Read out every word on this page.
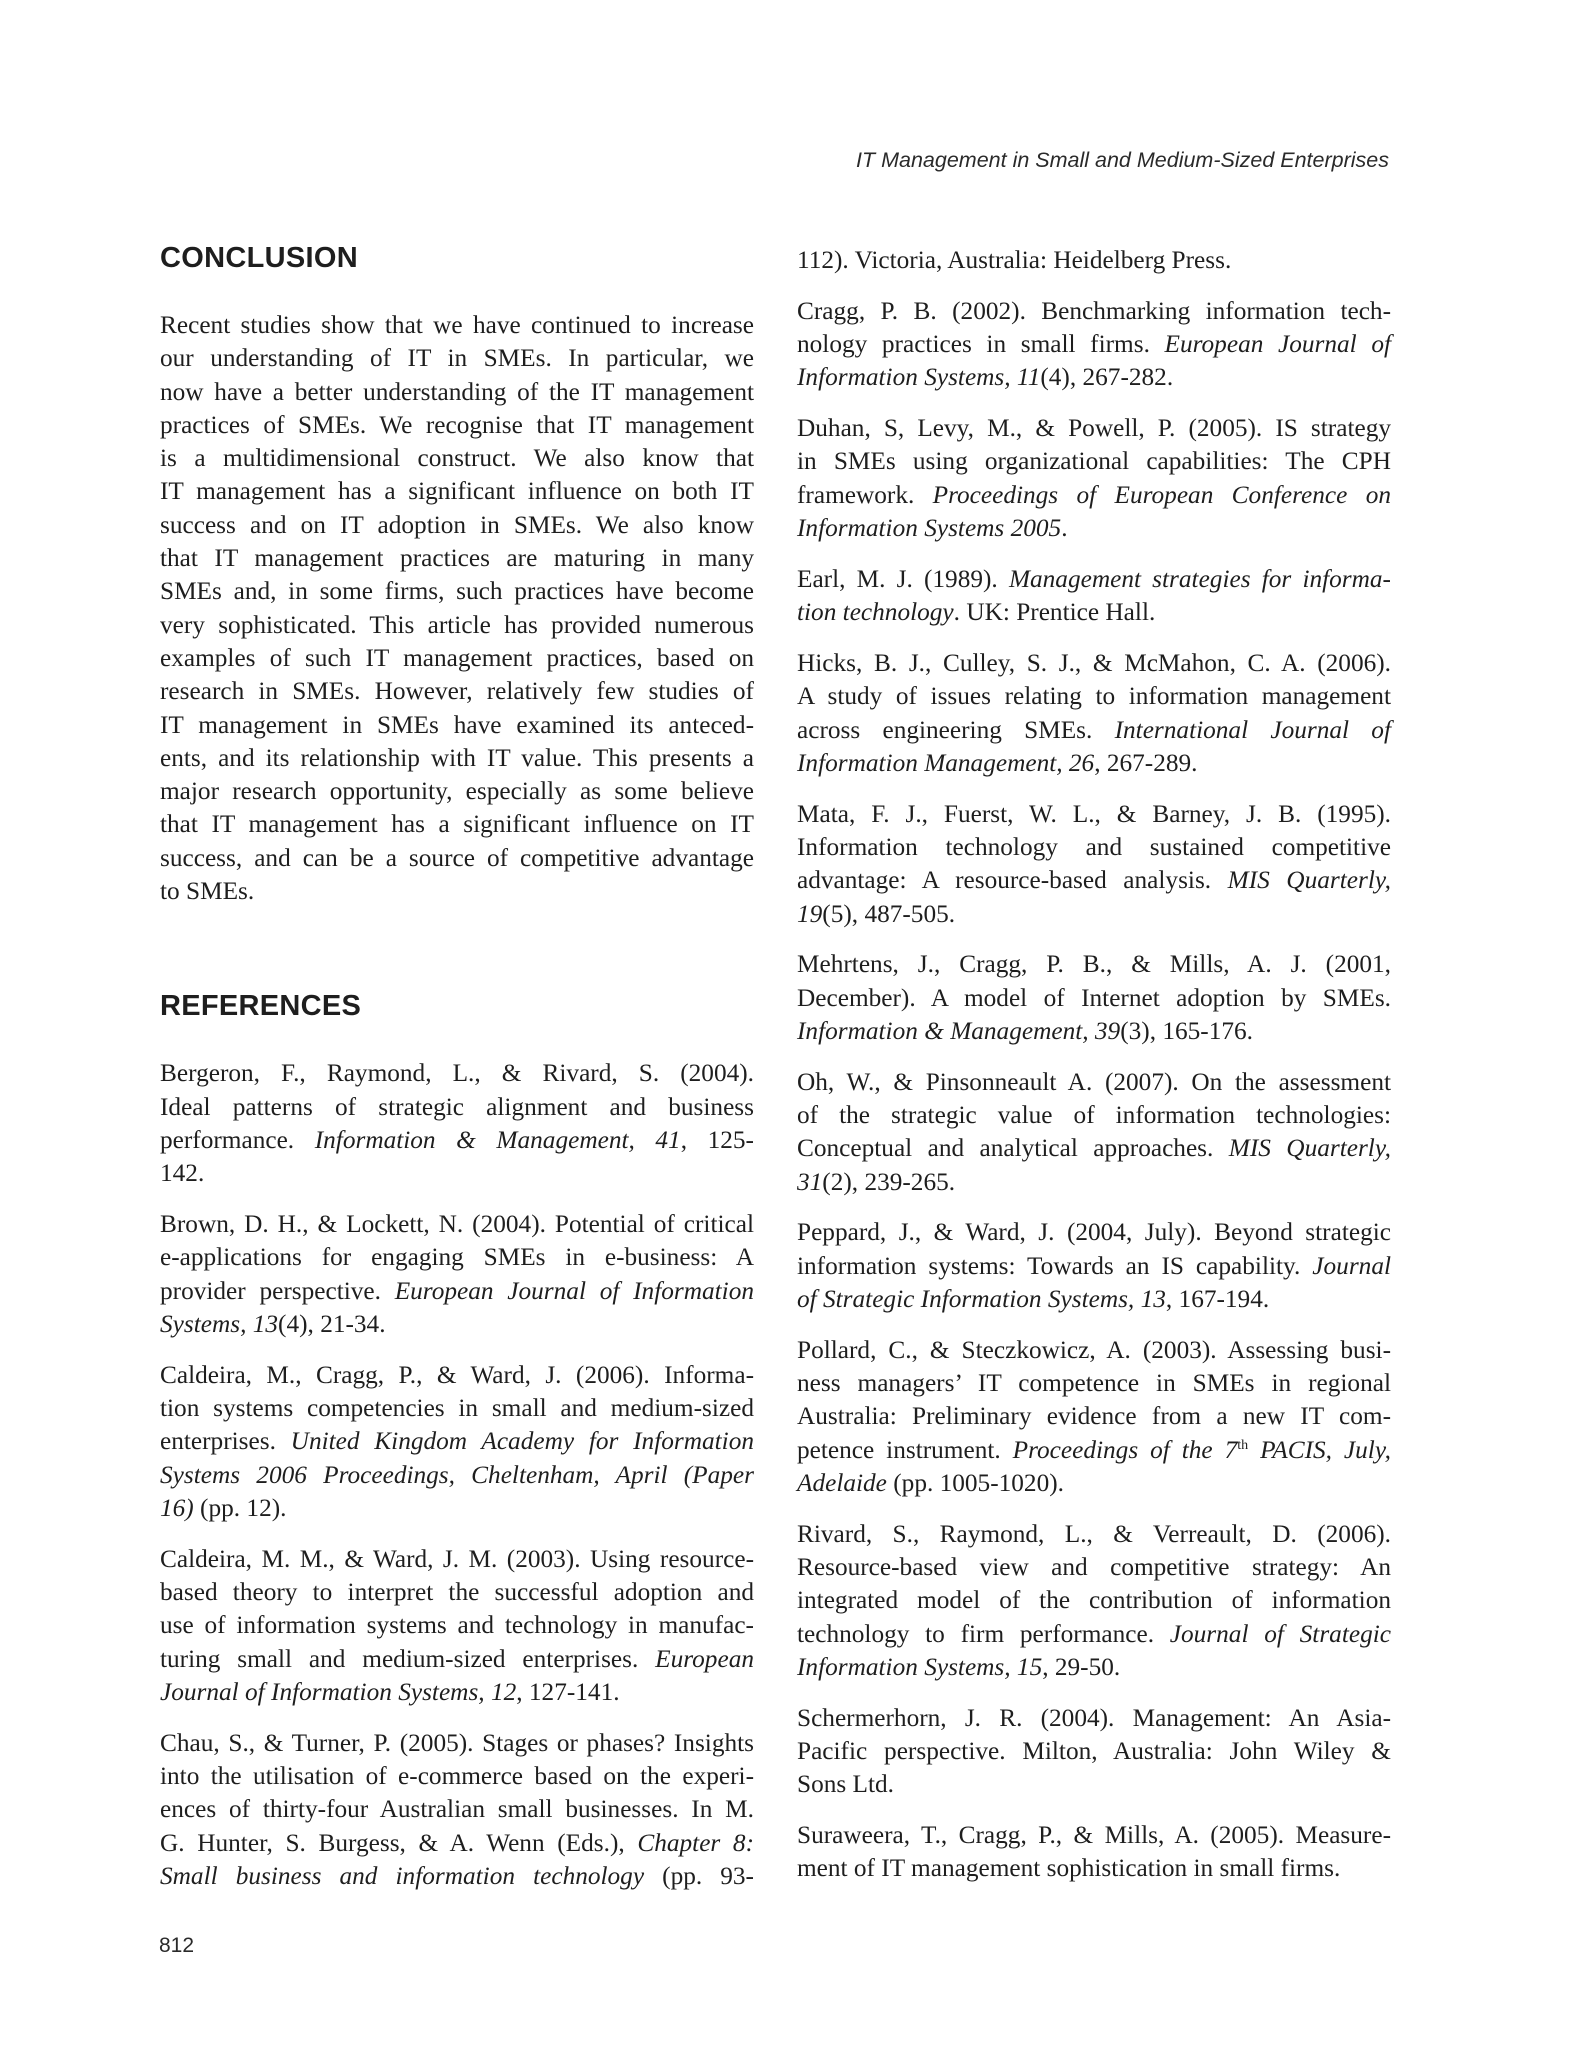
IT Management in Small and Medium-Sized Enterprises
CONCLUSION

Recent studies show that we have continued to increase
our understanding of IT in SMEs. In particular, we
now have a better understanding of the IT management
practices of SMEs. We recognise that IT management
is a multidimensional construct. We also know that
IT management has a significant influence on both IT
success and on IT adoption in SMEs. We also know
that IT management practices are maturing in many
SMEs and, in some firms, such practices have become
very sophisticated. This article has provided numerous
examples of such IT management practices, based on
research in SMEs. However, relatively few studies of
IT management in SMEs have examined its anteced-
ents, and its relationship with IT value. This presents a
major research opportunity, especially as some believe
that IT management has a significant influence on IT
success, and can be a source of competitive advantage
to SMEs.

REFERENCES

Bergeron, F., Raymond, L., & Rivard, S. (2004).
Ideal patterns of strategic alignment and business
performance. Information & Management, 41, 125-
142.

Brown, D. H., & Lockett, N. (2004). Potential of critical
e-applications for engaging SMEs in e-business: A
provider perspective. European Journal of Information
Systems, 13(4), 21-34.

Caldeira, M., Cragg, P., & Ward, J. (2006). Informa-
tion systems competencies in small and medium-sized
enterprises. United Kingdom Academy for Information
Systems 2006 Proceedings, Cheltenham, April (Paper
16) (pp. 12).

Caldeira, M. M., & Ward, J. M. (2003). Using resource-
based theory to interpret the successful adoption and
use of information systems and technology in manufac-
turing small and medium-sized enterprises. European
Journal of Information Systems, 12, 127-141.

Chau, S., & Turner, P. (2005). Stages or phases? Insights
into the utilisation of e-commerce based on the experi-
ences of thirty-four Australian small businesses. In M.
G. Hunter, S. Burgess, & A. Wenn (Eds.), Chapter 8:
Small business and information technology (pp. 93-

112). Victoria, Australia: Heidelberg Press.

Cragg, P. B. (2002). Benchmarking information tech-
nology practices in small firms. European Journal of
Information Systems, 11(4), 267-282.

Duhan, S, Levy, M., & Powell, P. (2005). IS strategy
in SMEs using organizational capabilities: The CPH
framework. Proceedings of European Conference on
Information Systems 2005.

Earl, M. J. (1989). Management strategies for informa-
tion technology. UK: Prentice Hall.

Hicks, B. J., Culley, S. J., & McMahon, C. A. (2006).
A study of issues relating to information management
across engineering SMEs. International Journal of
Information Management, 26, 267-289.

Mata, F. J., Fuerst, W. L., & Barney, J. B. (1995).
Information technology and sustained competitive
advantage: A resource-based analysis. MIS Quarterly,
19(5), 487-505.

Mehrtens, J., Cragg, P. B., & Mills, A. J. (2001,
December). A model of Internet adoption by SMEs.
Information & Management, 39(3), 165-176.

Oh, W., & Pinsonneault A. (2007). On the assessment
of the strategic value of information technologies:
Conceptual and analytical approaches. MIS Quarterly,
31(2), 239-265.

Peppard, J., & Ward, J. (2004, July). Beyond strategic
information systems: Towards an IS capability. Journal
of Strategic Information Systems, 13, 167-194.

Pollard, C., & Steczkowicz, A. (2003). Assessing busi-
ness managers’ IT competence in SMEs in regional
Australia: Preliminary evidence from a new IT com-
petence instrument. Proceedings of the 7th PACIS, July,
Adelaide (pp. 1005-1020).

Rivard, S., Raymond, L., & Verreault, D. (2006).
Resource-based view and competitive strategy: An
integrated model of the contribution of information
technology to firm performance. Journal of Strategic
Information Systems, 15, 29-50.

Schermerhorn, J. R. (2004). Management: An Asia-
Pacific perspective. Milton, Australia: John Wiley &
Sons Ltd.

Suraweera, T., Cragg, P., & Mills, A. (2005). Measure-
ment of IT management sophistication in small firms.

812
